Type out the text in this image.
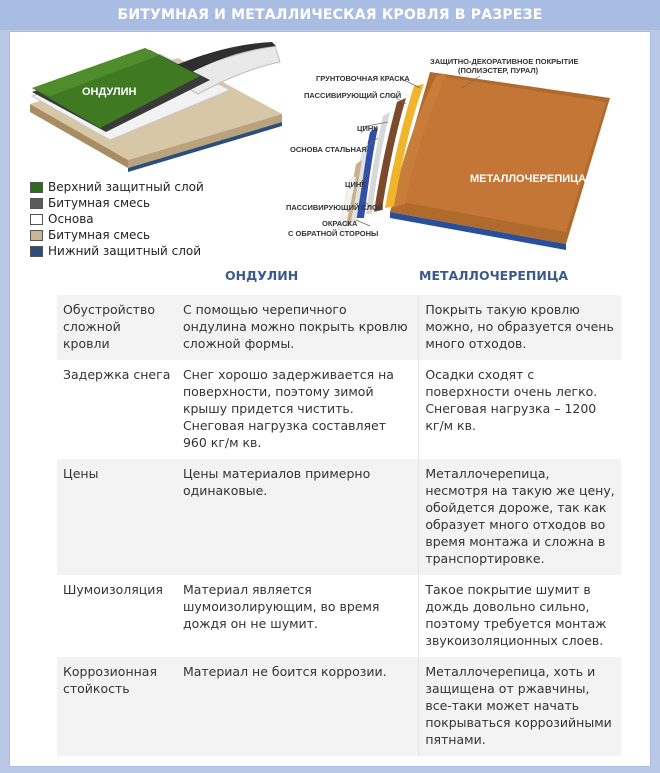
БИТУМНАЯ И МЕТАЛЛИЧЕСКАЯ КРОВЛЯ В РАЗРЕЗЕ
ОНДУЛИН
МЕТАЛЛОЧЕРЕПИЦА
ЗАЩИТНО-ДЕКОРАТИВНОЕ ПОКРЫТИЕ
(ПОЛИЭСТЕР, ПУРАЛ)
ГРУНТОВОЧНАЯ КРАСКА
ПАССИВИРУЮЩИЙ СЛОЙ
ЦИНК
ОСНОВА СТАЛЬНАЯ
ЦИНК
ПАССИВИРУЮЩИЙ СЛОЙ
ОКРАСКА
С ОБРАТНОЙ СТОРОНЫ
Верхний защитный слой
Битумная смесь
Основа
Битумная смесь
Нижний защитный слой
ОНДУЛИН	МЕТАЛЛОЧЕРЕПИЦА
Обустройство сложной кровли	С помощью черепичного ондулина можно покрыть кровлю сложной формы.	Покрыть такую кровлю можно, но образуется очень много отходов.
Задержка снега	Снег хорошо задерживается на поверхности, поэтому зимой крышу придется чистить. Снеговая нагрузка составляет 960 кг/м кв.	Осадки сходят с поверхности очень легко. Снеговая нагрузка – 1200 кг/м кв.
Цены	Цены материалов примерно одинаковые.	Металлочерепица, несмотря на такую же цену, обойдется дороже, так как образует много отходов во время монтажа и сложна в транспортировке.
Шумоизоляция	Материал является шумоизолирующим, во время дождя он не шумит.	Такое покрытие шумит в дождь довольно сильно, поэтому требуется монтаж звукоизоляционных слоев.
Коррозионная стойкость	Материал не боится коррозии.	Металлочерепица, хоть и защищена от ржавчины, все-таки может начать покрываться коррозийными пятнами.
